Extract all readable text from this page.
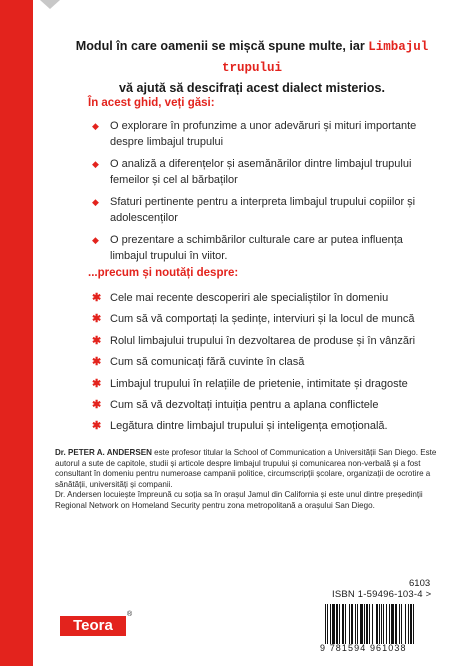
Modul în care oamenii se mișcă spune multe, iar Limbajul trupului
vă ajută să descifrați acest dialect misterios.
În acest ghid, veți găsi:
◆ O explorare în profunzime a unor adevăruri și mituri importante despre limbajul trupului
◆ O analiză a diferențelor și asemănărilor dintre limbajul trupului femeilor și cel al bărbaților
◆ Sfaturi pertinente pentru a interpreta limbajul trupului copiilor și adolescenților
◆ O prezentare a schimbărilor culturale care ar putea influența limbajul trupului în viitor.
...precum și noutăți despre:
✱ Cele mai recente descoperiri ale specialiștilor în domeniu
✱ Cum să vă comportați la ședințe, interviuri și la locul de muncă
✱ Rolul limbajului trupului în dezvoltarea de produse și în vânzări
✱ Cum să comunicați fără cuvinte în clasă
✱ Limbajul trupului în relațiile de prietenie, intimitate și dragoste
✱ Cum să vă dezvoltați intuiția pentru a aplana conflictele
✱ Legătura dintre limbajul trupului și inteligența emoțională.

Dr. PETER A. ANDERSEN este profesor titular la School of Communication a Universității San Diego. Este autorul a sute de capitole, studii și articole despre limbajul trupului și comunicarea non-verbală și a fost consultant în domeniu pentru numeroase campanii politice, circumscripții școlare, organizații de ocrotire a sănătății, universități și companii.

Dr. Andersen locuiește împreună cu soția sa în orașul Jamul din California și este unul dintre președinții Regional Network on Homeland Security pentru zona metropolitană a orașului San Diego.

6103
ISBN 1-59496-103-4 >
9 781594 961038
Teora
®
